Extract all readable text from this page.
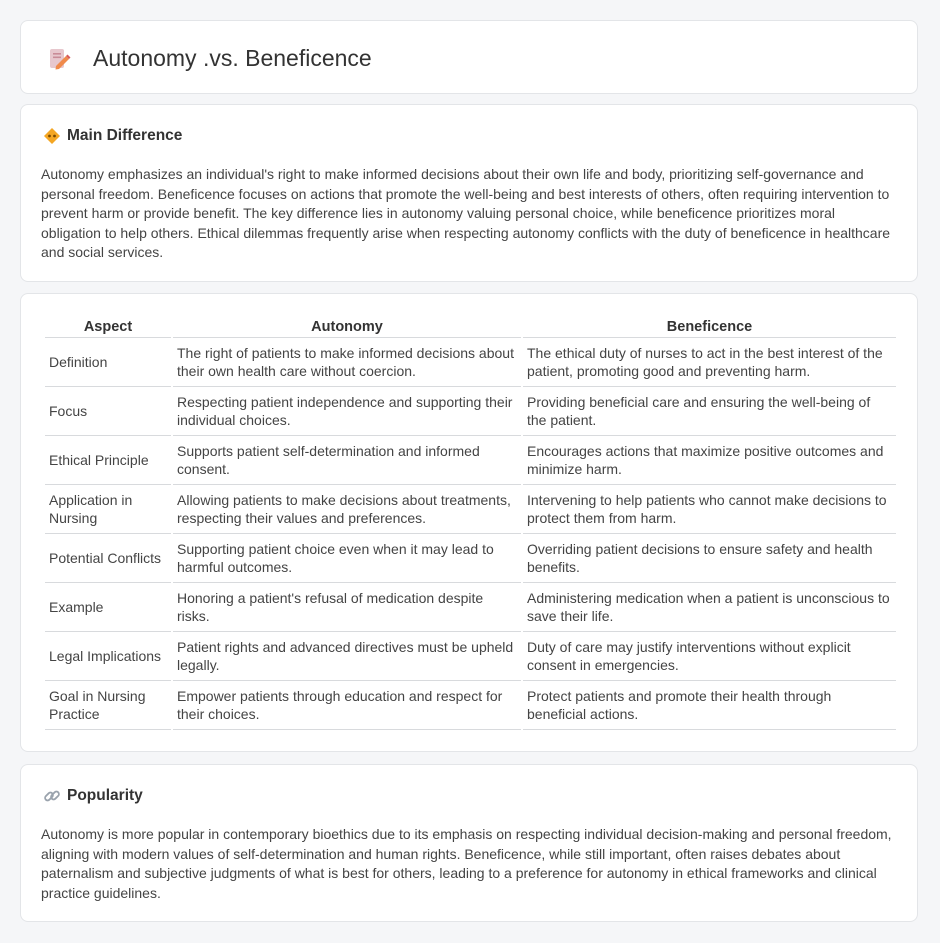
Autonomy .vs. Beneficence
Main Difference
Autonomy emphasizes an individual's right to make informed decisions about their own life and body, prioritizing self-governance and personal freedom. Beneficence focuses on actions that promote the well-being and best interests of others, often requiring intervention to prevent harm or provide benefit. The key difference lies in autonomy valuing personal choice, while beneficence prioritizes moral obligation to help others. Ethical dilemmas frequently arise when respecting autonomy conflicts with the duty of beneficence in healthcare and social services.
Aspect	Autonomy	Beneficence
Definition	The right of patients to make informed decisions about their own health care without coercion.	The ethical duty of nurses to act in the best interest of the patient, promoting good and preventing harm.
Focus	Respecting patient independence and supporting their individual choices.	Providing beneficial care and ensuring the well-being of the patient.
Ethical Principle	Supports patient self-determination and informed consent.	Encourages actions that maximize positive outcomes and minimize harm.
Application in Nursing	Allowing patients to make decisions about treatments, respecting their values and preferences.	Intervening to help patients who cannot make decisions to protect them from harm.
Potential Conflicts	Supporting patient choice even when it may lead to harmful outcomes.	Overriding patient decisions to ensure safety and health benefits.
Example	Honoring a patient's refusal of medication despite risks.	Administering medication when a patient is unconscious to save their life.
Legal Implications	Patient rights and advanced directives must be upheld legally.	Duty of care may justify interventions without explicit consent in emergencies.
Goal in Nursing Practice	Empower patients through education and respect for their choices.	Protect patients and promote their health through beneficial actions.
Popularity
Autonomy is more popular in contemporary bioethics due to its emphasis on respecting individual decision-making and personal freedom, aligning with modern values of self-determination and human rights. Beneficence, while still important, often raises debates about paternalism and subjective judgments of what is best for others, leading to a preference for autonomy in ethical frameworks and clinical practice guidelines.
